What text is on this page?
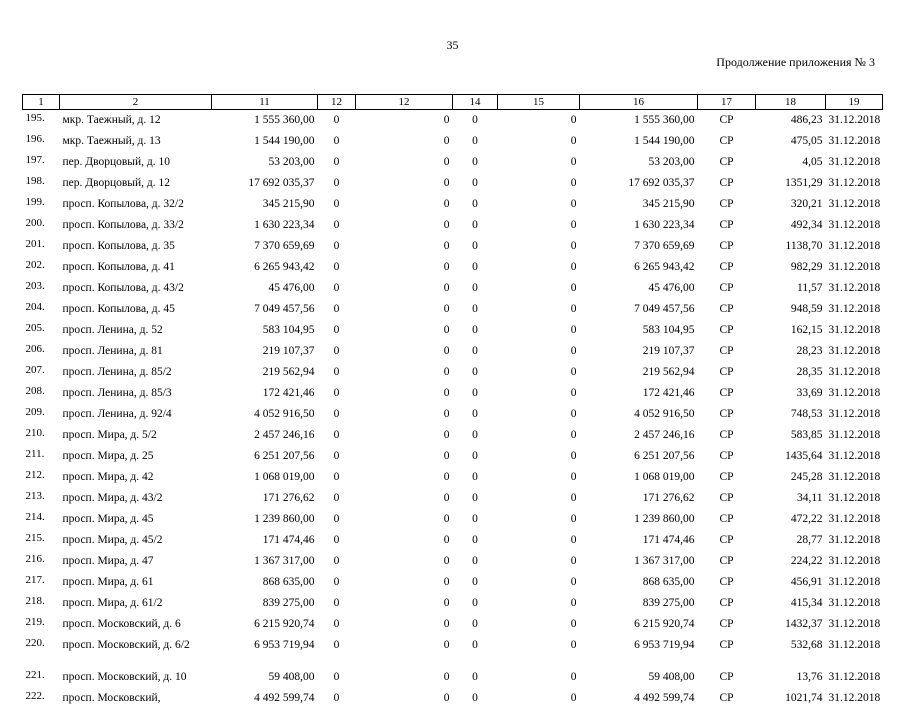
35
Продолжение приложения № 3
1	2	11	12	12	14	15	16	17	18	19
195.	мкр. Таежный, д. 12	1 555 360,00	0	0	0	0	1 555 360,00	СР	486,23	31.12.2018
196.	мкр. Таежный, д. 13	1 544 190,00	0	0	0	0	1 544 190,00	СР	475,05	31.12.2018
197.	пер. Дворцовый, д. 10	53 203,00	0	0	0	0	53 203,00	СР	4,05	31.12.2018
198.	пер. Дворцовый, д. 12	17 692 035,37	0	0	0	0	17 692 035,37	СР	1351,29	31.12.2018
199.	просп. Копылова, д. 32/2	345 215,90	0	0	0	0	345 215,90	СР	320,21	31.12.2018
200.	просп. Копылова, д. 33/2	1 630 223,34	0	0	0	0	1 630 223,34	СР	492,34	31.12.2018
201.	просп. Копылова, д. 35	7 370 659,69	0	0	0	0	7 370 659,69	СР	1138,70	31.12.2018
202.	просп. Копылова, д. 41	6 265 943,42	0	0	0	0	6 265 943,42	СР	982,29	31.12.2018
203.	просп. Копылова, д. 43/2	45 476,00	0	0	0	0	45 476,00	СР	11,57	31.12.2018
204.	просп. Копылова, д. 45	7 049 457,56	0	0	0	0	7 049 457,56	СР	948,59	31.12.2018
205.	просп. Ленина, д. 52	583 104,95	0	0	0	0	583 104,95	СР	162,15	31.12.2018
206.	просп. Ленина, д. 81	219 107,37	0	0	0	0	219 107,37	СР	28,23	31.12.2018
207.	просп. Ленина, д. 85/2	219 562,94	0	0	0	0	219 562,94	СР	28,35	31.12.2018
208.	просп. Ленина, д. 85/3	172 421,46	0	0	0	0	172 421,46	СР	33,69	31.12.2018
209.	просп. Ленина, д. 92/4	4 052 916,50	0	0	0	0	4 052 916,50	СР	748,53	31.12.2018
210.	просп. Мира, д. 5/2	2 457 246,16	0	0	0	0	2 457 246,16	СР	583,85	31.12.2018
211.	просп. Мира, д. 25	6 251 207,56	0	0	0	0	6 251 207,56	СР	1435,64	31.12.2018
212.	просп. Мира, д. 42	1 068 019,00	0	0	0	0	1 068 019,00	СР	245,28	31.12.2018
213.	просп. Мира, д. 43/2	171 276,62	0	0	0	0	171 276,62	СР	34,11	31.12.2018
214.	просп. Мира, д. 45	1 239 860,00	0	0	0	0	1 239 860,00	СР	472,22	31.12.2018
215.	просп. Мира, д. 45/2	171 474,46	0	0	0	0	171 474,46	СР	28,77	31.12.2018
216.	просп. Мира, д. 47	1 367 317,00	0	0	0	0	1 367 317,00	СР	224,22	31.12.2018
217.	просп. Мира, д. 61	868 635,00	0	0	0	0	868 635,00	СР	456,91	31.12.2018
218.	просп. Мира, д. 61/2	839 275,00	0	0	0	0	839 275,00	СР	415,34	31.12.2018
219.	просп. Московский, д. 6	6 215 920,74	0	0	0	0	6 215 920,74	СР	1432,37	31.12.2018
220.	просп. Московский, д. 6/2	6 953 719,94	0	0	0	0	6 953 719,94	СР	532,68	31.12.2018
221.	просп. Московский, д. 10	59 408,00	0	0	0	0	59 408,00	СР	13,76	31.12.2018
222.	просп. Московский,	4 492 599,74	0	0	0	0	4 492 599,74	СР	1021,74	31.12.2018
